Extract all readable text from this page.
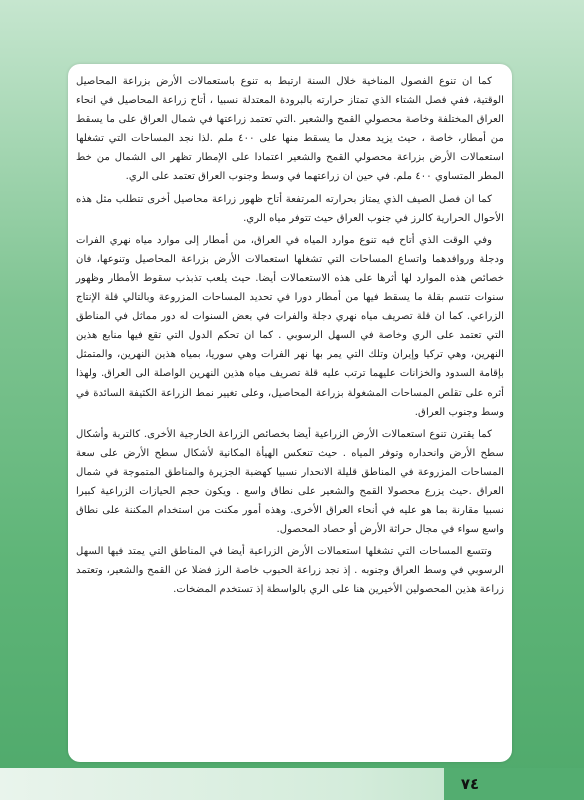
كما ان تنوع الفصول المناخية خلال السنة ارتبط به تنوع باستعمالات الأرض بزراعة المحاصيل الوقتية، ففي فصل الشتاء الذي تمتاز حرارته بالبرودة المعتدلة نسبيا ، أتاح زراعة المحاصيل في انحاء العراق المختلفة وخاصة محصولي القمح والشعير .التي تعتمد زراعتها في شمال العراق على ما يسقط من أمطار، خاصة ، حيث يزيد معدل ما يسقط منها على ٤٠٠ ملم .لذا نجد المساحات التي تشغلها استعمالات الأرض بزراعة محصولي القمح والشعير اعتمادا على الإمطار تظهر الى الشمال من خط المطر المتساوي ٤٠٠ ملم. في حين ان زراعتهما في وسط وجنوب العراق تعتمد على الري.

كما ان فصل الصيف الذي يمتاز بحرارته المرتفعة أتاح ظهور زراعة محاصيل أخرى تتطلب مثل هذه الأحوال الحرارية كالرز في جنوب العراق حيث تتوفر مياه الري.

وفي الوقت الذي أتاح فيه تنوع موارد المياه في العراق، من أمطار إلى موارد مياه نهري الفرات ودجلة وروافدهما واتساع المساحات التي تشغلها استعمالات الأرض بزراعة المحاصيل وتنوعها، فان خصائص هذه الموارد لها أثرها على هذه الاستعمالات أيضا. حيث يلعب تذبذب سقوط الأمطار وظهور سنوات تتسم بقلة ما يسقط فيها من أمطار دورا في تحديد المساحات المزروعة وبالتالي قلة الإنتاج الزراعي. كما ان قلة تصريف مياه نهري دجلة والفرات في بعض السنوات له دور مماثل في المناطق التي تعتمد على الري وخاصة في السهل الرسوبي . كما ان تحكم الدول التي تقع فيها منابع هذين النهرين، وهي تركيا وإيران وتلك التي يمر بها نهر الفرات وهي سوريا، بمياه هذين النهرين، والمتمثل بإقامة السدود والخزانات عليهما ترتب عليه قلة تصريف مياه هذين النهرين الواصلة الى العراق. ولهذا أثره على تقلص المساحات المشغولة بزراعة المحاصيل، وعلى تغيير نمط الزراعة الكثيفة السائدة في وسط وجنوب العراق.

كما يقترن تنوع استعمالات الأرض الزراعية أيضا بخصائص الزراعة الخارجية الأخرى. كالتربة وأشكال سطح الأرض وانحداره وتوفر المياه . حيث تنعكس الهيأة المكانية لأشكال سطح الأرض على سعة المساحات المزروعة في المناطق قليلة الانحدار نسبيا كهضبة الجزيرة والمناطق المتموجة في شمال العراق .حيث يزرع محصولا القمح والشعير على نطاق واسع . ويكون حجم الحيازات الزراعية كبيرا نسبيا مقارنة بما هو عليه في أنحاء العراق الأخرى. وهذه أمور مكنت من استخدام المكننة على نطاق واسع سواء في مجال حراثة الأرض أو حصاد المحصول.

وتتسع المساحات التي تشغلها استعمالات الأرض الزراعية أيضا في المناطق التي يمتد فيها السهل الرسوبي في وسط العراق وجنوبه . إذ نجد زراعة الحبوب خاصة الرز فضلا عن القمح والشعير، وتعتمد زراعة هذين المحصولين الأخيرين هنا على الري بالواسطة إذ تستخدم المضخات.

٧٤
